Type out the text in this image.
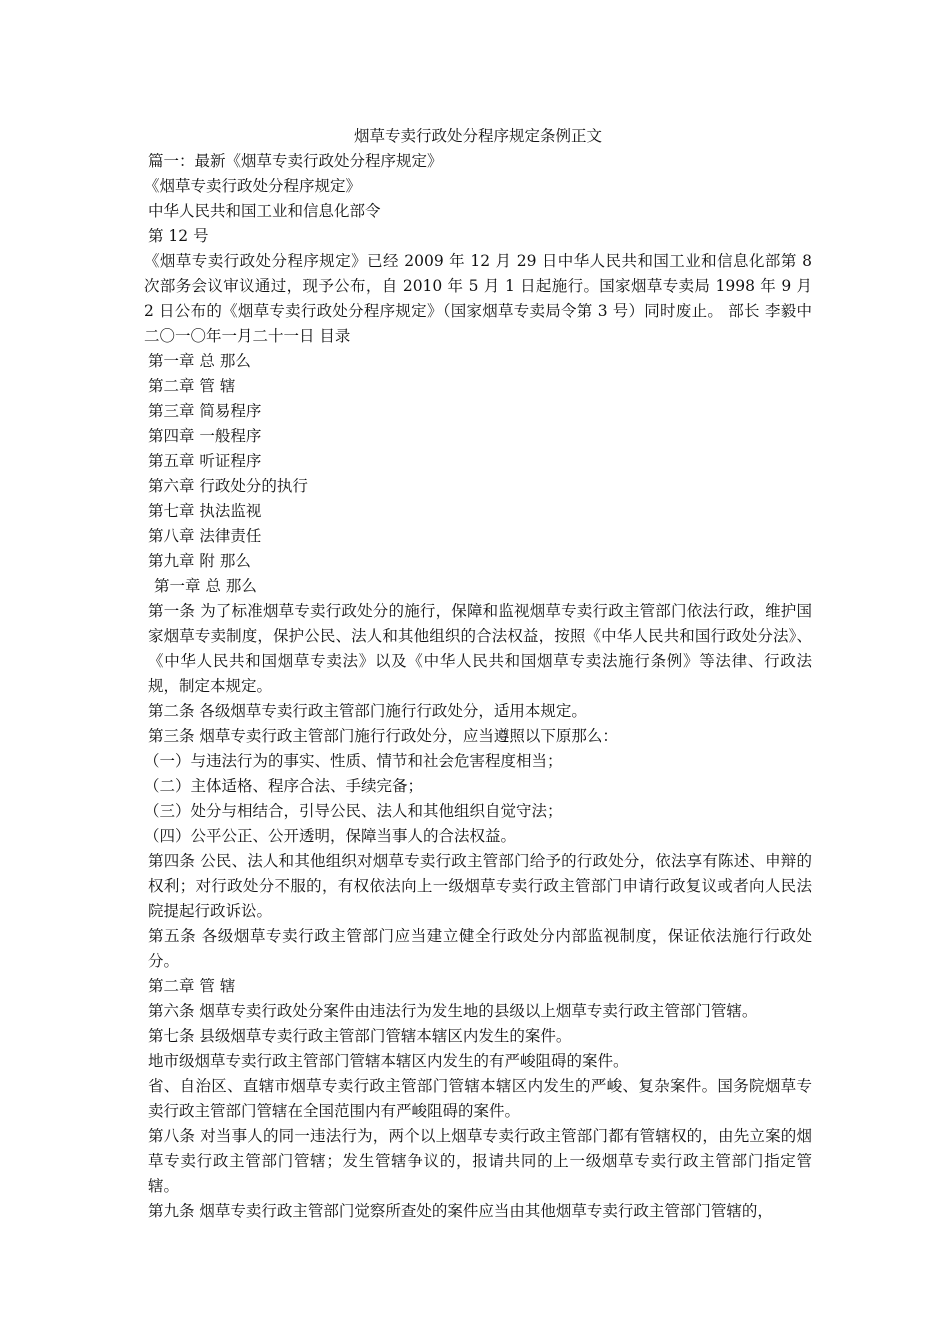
烟草专卖行政处分程序规定条例正文

篇一：最新《烟草专卖行政处分程序规定》

《烟草专卖行政处分程序规定》

中华人民共和国工业和信息化部令

第 12 号

《烟草专卖行政处分程序规定》已经 2009 年 12 月 29 日中华人民共和国工业和信息化部第 8 次部务会议审议通过，现予公布，自 2010 年 5 月 1 日起施行。国家烟草专卖局 1998 年 9 月 2 日公布的《烟草专卖行政处分程序规定》（国家烟草专卖局令第 3 号）同时废止。 部长 李毅中二〇一〇年一月二十一日 目录

第一章 总 那么

第二章 管 辖

第三章 简易程序

第四章 一般程序

第五章 听证程序

第六章 行政处分的执行

第七章 执法监视

第八章 法律责任

第九章 附 那么

第一章 总 那么

第一条 为了标准烟草专卖行政处分的施行，保障和监视烟草专卖行政主管部门依法行政，维护国家烟草专卖制度，保护公民、法人和其他组织的合法权益，按照《中华人民共和国行政处分法》、《中华人民共和国烟草专卖法》以及《中华人民共和国烟草专卖法施行条例》等法律、行政法规，制定本规定。

第二条 各级烟草专卖行政主管部门施行行政处分，适用本规定。

第三条 烟草专卖行政主管部门施行行政处分，应当遵照以下原那么：

（一）与违法行为的事实、性质、情节和社会危害程度相当；

（二）主体适格、程序合法、手续完备；

（三）处分与相结合，引导公民、法人和其他组织自觉守法；

（四）公平公正、公开透明，保障当事人的合法权益。

第四条 公民、法人和其他组织对烟草专卖行政主管部门给予的行政处分，依法享有陈述、申辩的权利；对行政处分不服的，有权依法向上一级烟草专卖行政主管部门申请行政复议或者向人民法院提起行政诉讼。

第五条 各级烟草专卖行政主管部门应当建立健全行政处分内部监视制度，保证依法施行行政处分。

第二章 管 辖

第六条 烟草专卖行政处分案件由违法行为发生地的县级以上烟草专卖行政主管部门管辖。

第七条 县级烟草专卖行政主管部门管辖本辖区内发生的案件。

地市级烟草专卖行政主管部门管辖本辖区内发生的有严峻阻碍的案件。

省、自治区、直辖市烟草专卖行政主管部门管辖本辖区内发生的严峻、复杂案件。国务院烟草专卖行政主管部门管辖在全国范围内有严峻阻碍的案件。

第八条 对当事人的同一违法行为，两个以上烟草专卖行政主管部门都有管辖权的，由先立案的烟草专卖行政主管部门管辖；发生管辖争议的，报请共同的上一级烟草专卖行政主管部门指定管辖。

第九条 烟草专卖行政主管部门觉察所查处的案件应当由其他烟草专卖行政主管部门管辖的，
